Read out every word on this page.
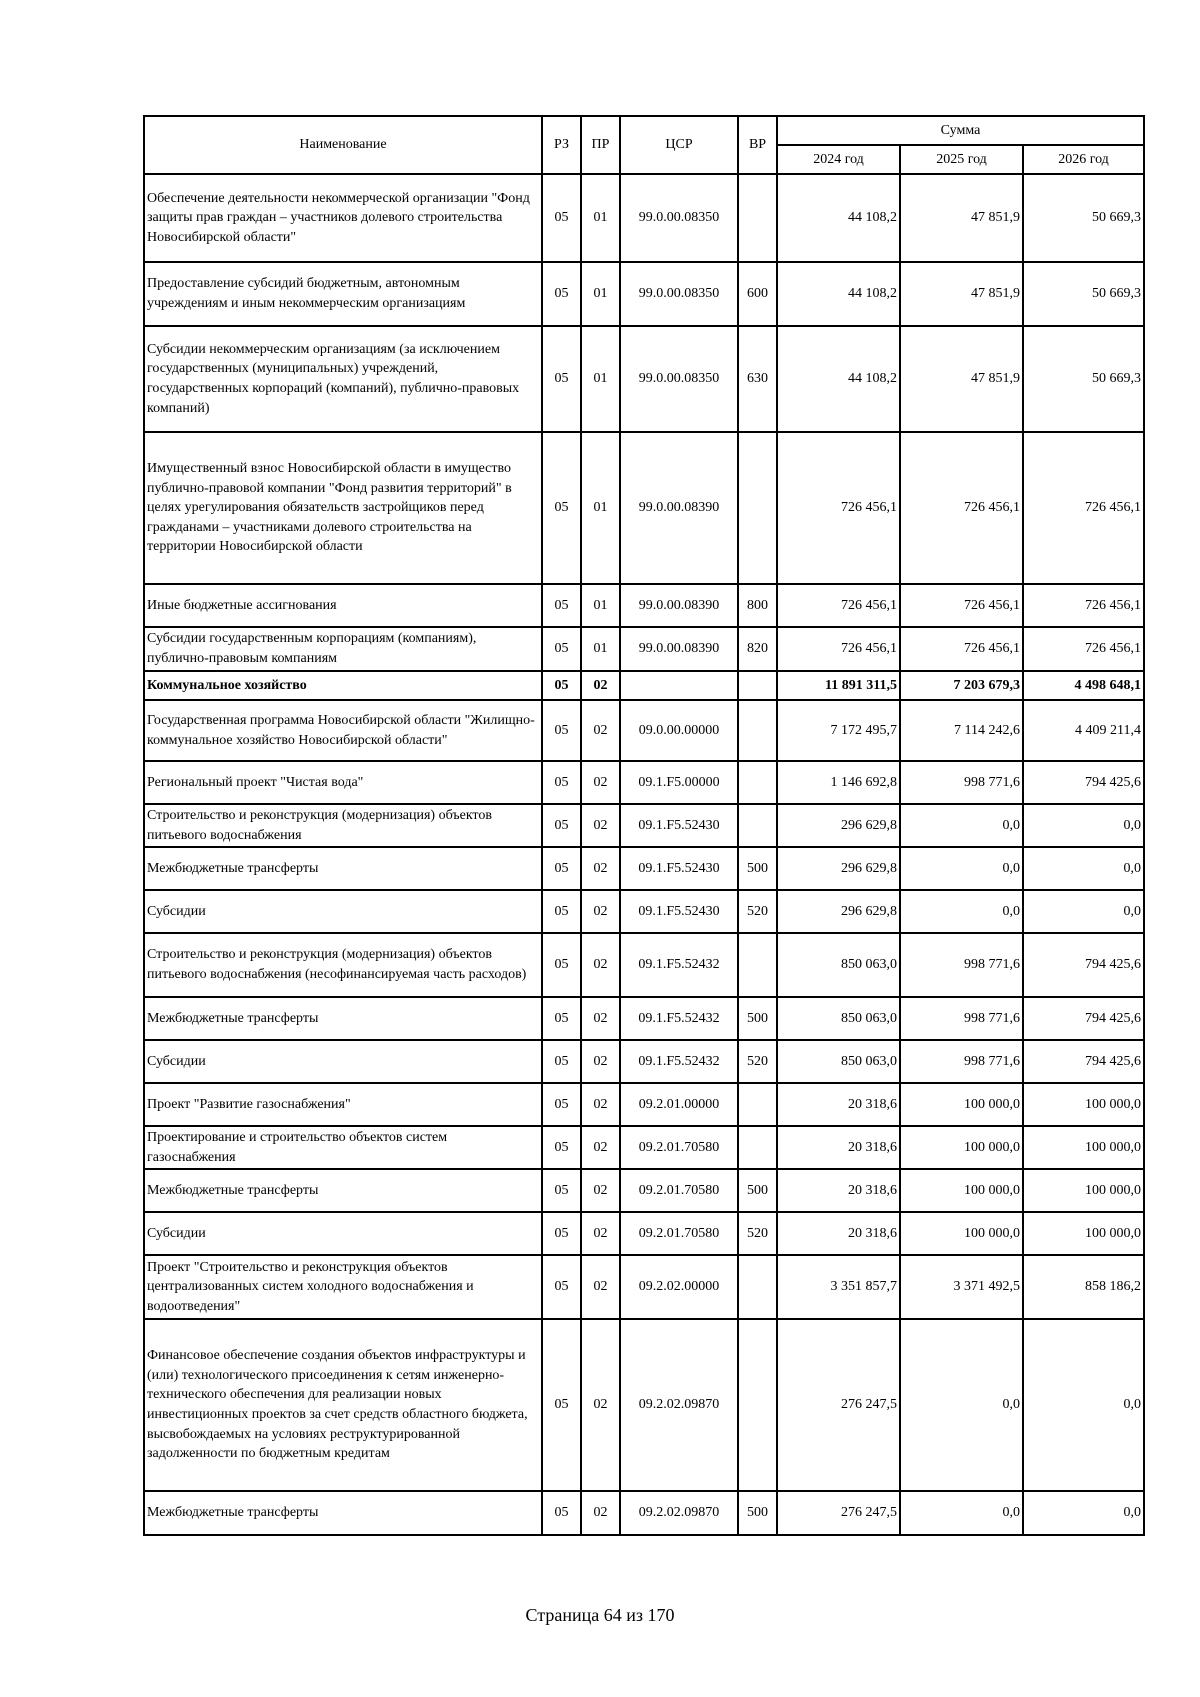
Наименование	РЗ	ПР	ЦСР	ВР	Сумма		
					2024 год	2025 год	2026 год
Обеспечение деятельности некоммерческой организации "Фонд защиты прав граждан – участников долевого строительства Новосибирской области"	05	01	99.0.00.08350		44 108,2	47 851,9	50 669,3
Предоставление субсидий бюджетным, автономным учреждениям и иным некоммерческим организациям	05	01	99.0.00.08350	600	44 108,2	47 851,9	50 669,3
Субсидии некоммерческим организациям (за исключением государственных (муниципальных) учреждений, государственных корпораций (компаний), публично-правовых компаний)	05	01	99.0.00.08350	630	44 108,2	47 851,9	50 669,3
Имущественный взнос Новосибирской области в имущество публично-правовой компании "Фонд развития территорий" в целях урегулирования обязательств застройщиков перед гражданами – участниками долевого строительства на территории Новосибирской области	05	01	99.0.00.08390		726 456,1	726 456,1	726 456,1
Иные бюджетные ассигнования	05	01	99.0.00.08390	800	726 456,1	726 456,1	726 456,1
Субсидии государственным корпорациям (компаниям), публично-правовым компаниям	05	01	99.0.00.08390	820	726 456,1	726 456,1	726 456,1
Коммунальное хозяйство	05	02			11 891 311,5	7 203 679,3	4 498 648,1
Государственная программа Новосибирской области "Жилищно-коммунальное хозяйство Новосибирской области"	05	02	09.0.00.00000		7 172 495,7	7 114 242,6	4 409 211,4
Региональный проект "Чистая вода"	05	02	09.1.F5.00000		1 146 692,8	998 771,6	794 425,6
Строительство и реконструкция (модернизация) объектов питьевого водоснабжения	05	02	09.1.F5.52430		296 629,8	0,0	0,0
Межбюджетные трансферты	05	02	09.1.F5.52430	500	296 629,8	0,0	0,0
Субсидии	05	02	09.1.F5.52430	520	296 629,8	0,0	0,0
Строительство и реконструкция (модернизация) объектов питьевого водоснабжения (несофинансируемая часть расходов)	05	02	09.1.F5.52432		850 063,0	998 771,6	794 425,6
Межбюджетные трансферты	05	02	09.1.F5.52432	500	850 063,0	998 771,6	794 425,6
Субсидии	05	02	09.1.F5.52432	520	850 063,0	998 771,6	794 425,6
Проект "Развитие газоснабжения"	05	02	09.2.01.00000		20 318,6	100 000,0	100 000,0
Проектирование и строительство объектов систем газоснабжения	05	02	09.2.01.70580		20 318,6	100 000,0	100 000,0
Межбюджетные трансферты	05	02	09.2.01.70580	500	20 318,6	100 000,0	100 000,0
Субсидии	05	02	09.2.01.70580	520	20 318,6	100 000,0	100 000,0
Проект "Строительство и реконструкция объектов централизованных систем холодного водоснабжения и водоотведения"	05	02	09.2.02.00000		3 351 857,7	3 371 492,5	858 186,2
Финансовое обеспечение создания объектов инфраструктуры и (или) технологического присоединения к сетям инженерно-технического обеспечения для реализации новых инвестиционных проектов за счет средств областного бюджета, высвобождаемых на условиях реструктурированной задолженности по бюджетным кредитам	05	02	09.2.02.09870		276 247,5	0,0	0,0
Межбюджетные трансферты	05	02	09.2.02.09870	500	276 247,5	0,0	0,0
Страница 64 из 170
